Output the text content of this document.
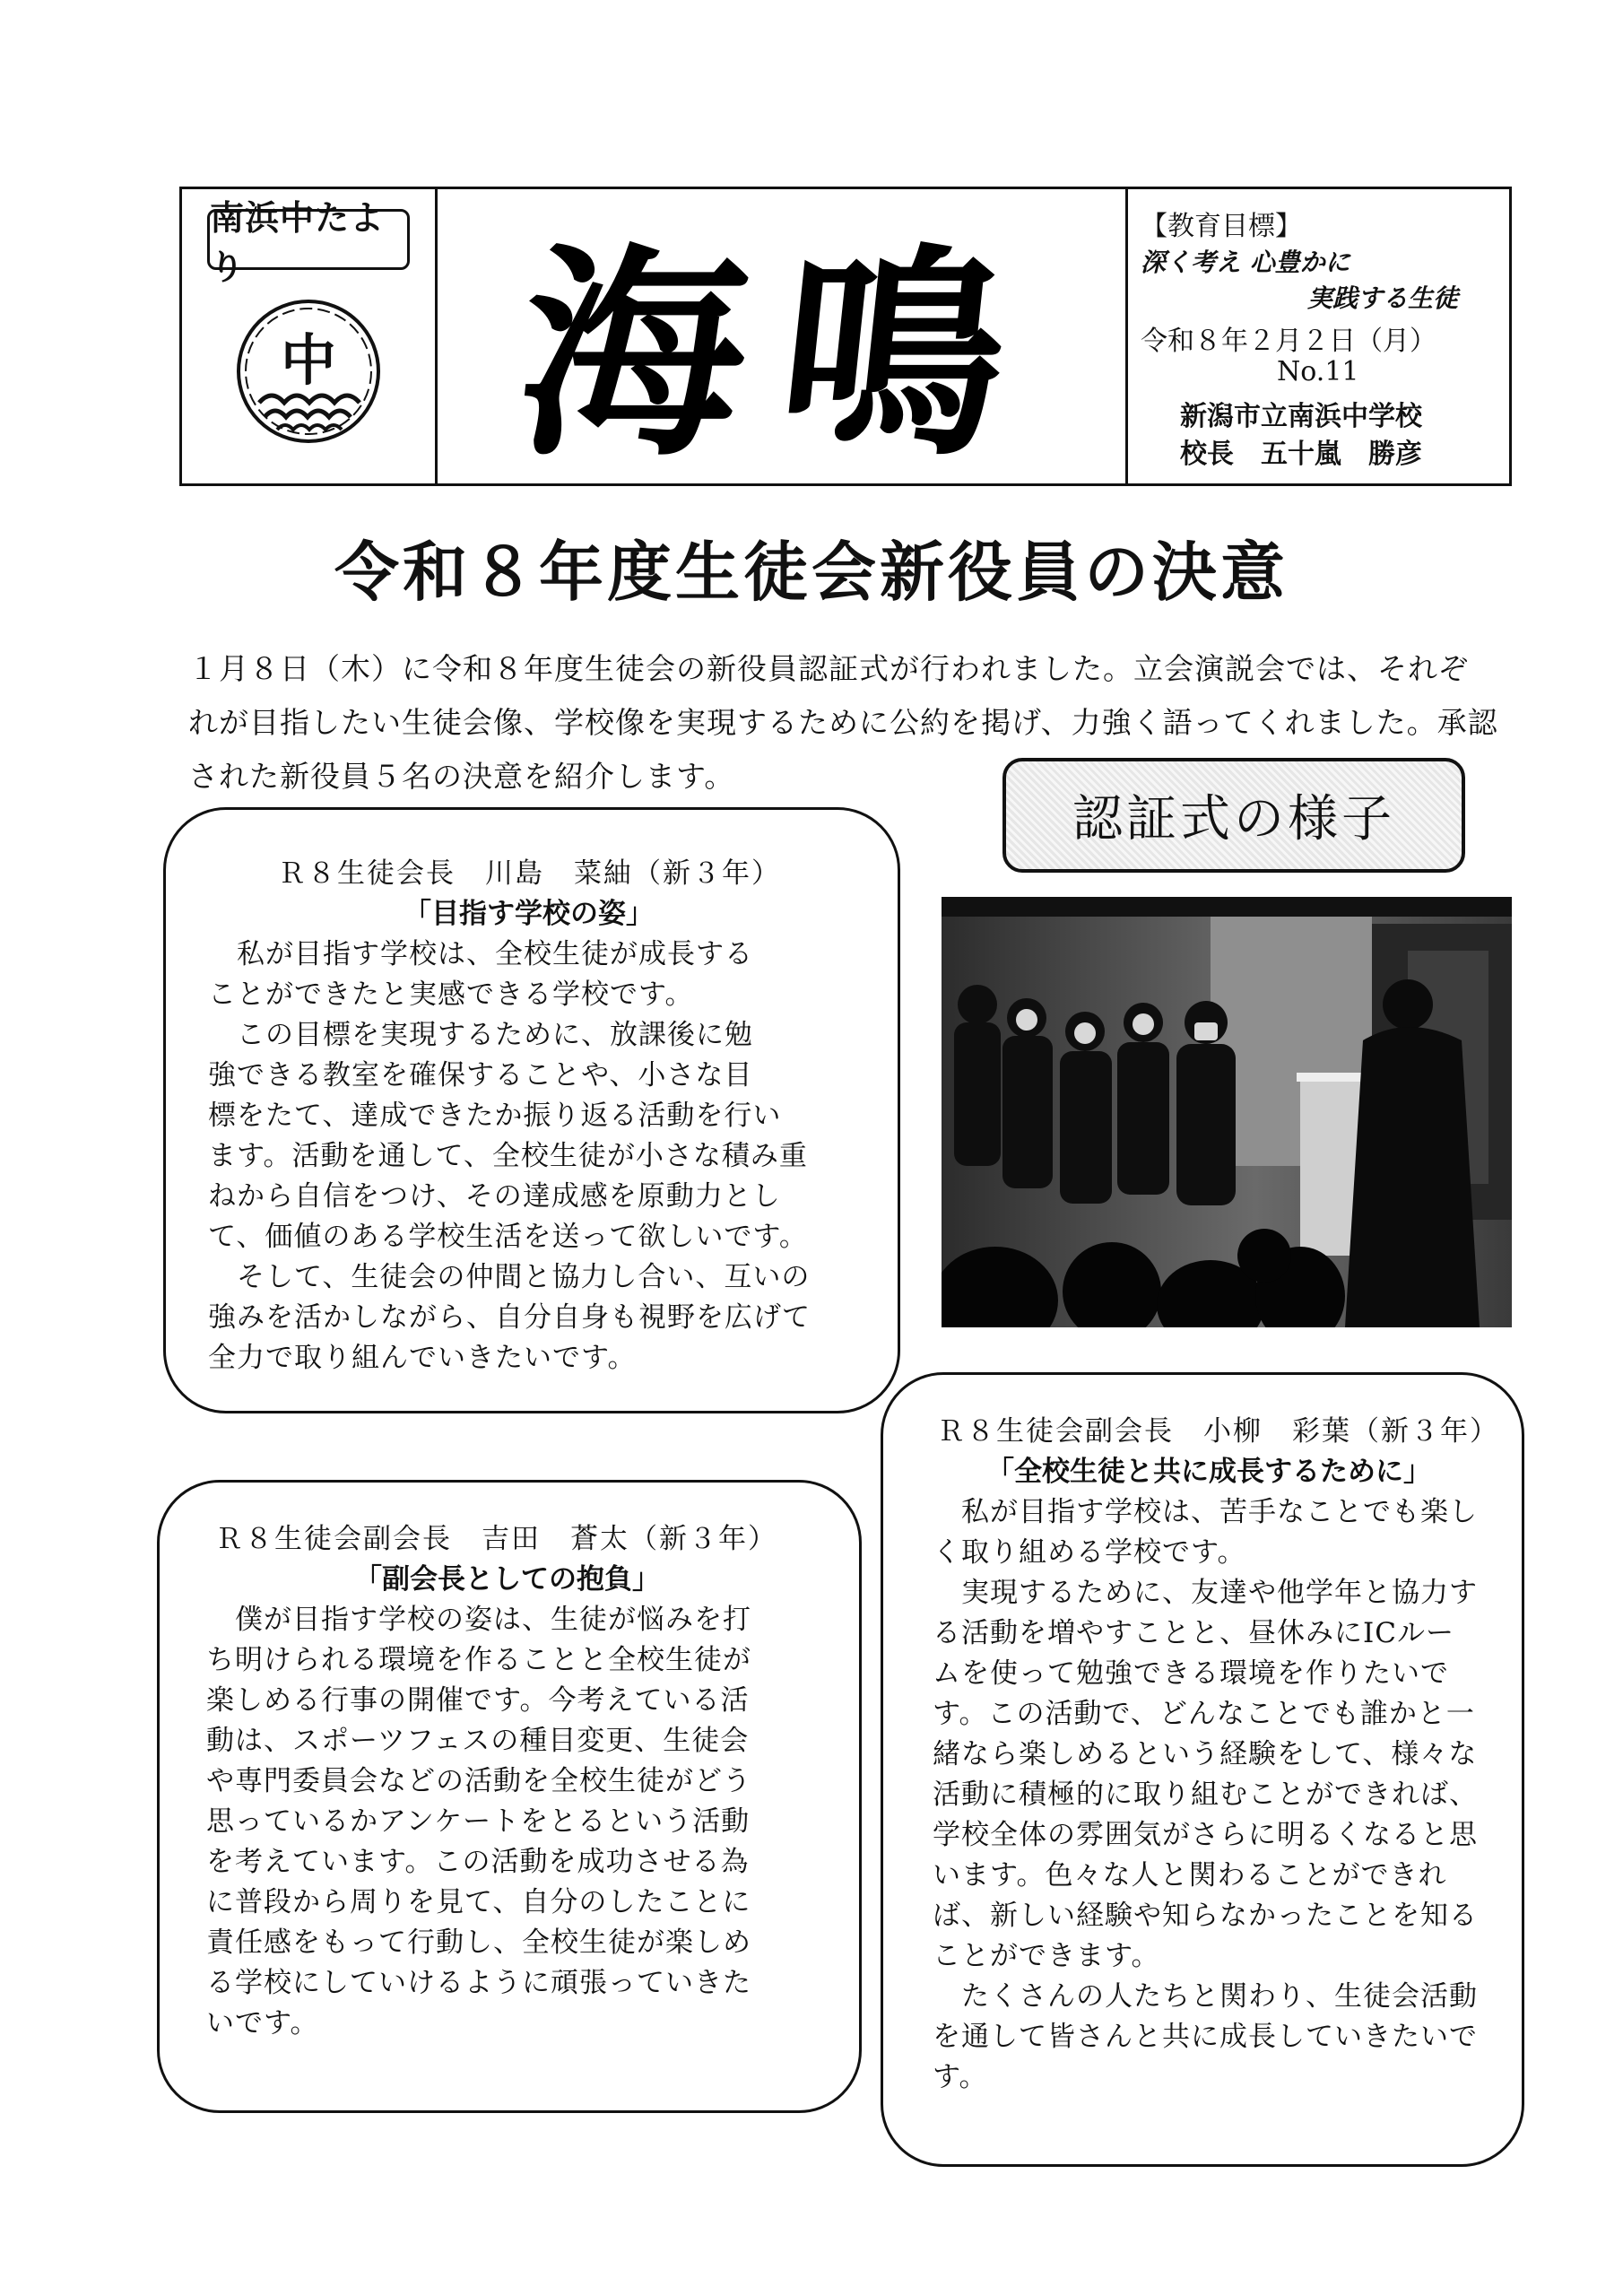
南浜中たより
中 海鳴	【教育目標】
深く考え 心豊かに
実践する生徒
令和８年２月２日（月）
No.11
新潟市立南浜中学校
校長　五十嵐　勝彦
令和８年度生徒会新役員の決意
１月８日（木）に令和８年度生徒会の新役員認証式が行われました。立会演説会では、それぞ
れが目指したい生徒会像、学校像を実現するために公約を掲げ、力強く語ってくれました。承認
された新役員５名の決意を紹介します。
認証式の様子
Ｒ８生徒会長　川島　菜紬（新３年）
「目指す学校の姿」
　私が目指す学校は、全校生徒が成長する
ことができたと実感できる学校です。
　この目標を実現するために、放課後に勉
強できる教室を確保することや、小さな目
標をたて、達成できたか振り返る活動を行い
ます。活動を通して、全校生徒が小さな積み重
ねから自信をつけ、その達成感を原動力とし
て、価値のある学校生活を送って欲しいです。
　そして、生徒会の仲間と協力し合い、互いの
強みを活かしながら、自分自身も視野を広げて
全力で取り組んでいきたいです。
Ｒ８生徒会副会長　吉田　蒼太（新３年）
「副会長としての抱負」
　僕が目指す学校の姿は、生徒が悩みを打
ち明けられる環境を作ることと全校生徒が
楽しめる行事の開催です。今考えている活
動は、スポーツフェスの種目変更、生徒会
や専門委員会などの活動を全校生徒がどう
思っているかアンケートをとるという活動
を考えています。この活動を成功させる為
に普段から周りを見て、自分のしたことに
責任感をもって行動し、全校生徒が楽しめ
る学校にしていけるように頑張っていきた
いです。
Ｒ８生徒会副会長　小柳　彩葉（新３年）
「全校生徒と共に成長するために」
　私が目指す学校は、苦手なことでも楽し
く取り組める学校です。
　実現するために、友達や他学年と協力す
る活動を増やすことと、昼休みにICルー
ムを使って勉強できる環境を作りたいで
す。この活動で、どんなことでも誰かと一
緒なら楽しめるという経験をして、様々な
活動に積極的に取り組むことができれば、
学校全体の雰囲気がさらに明るくなると思
います。色々な人と関わることができれ
ば、新しい経験や知らなかったことを知る
ことができます。
　たくさんの人たちと関わり、生徒会活動
を通して皆さんと共に成長していきたいで
す。
